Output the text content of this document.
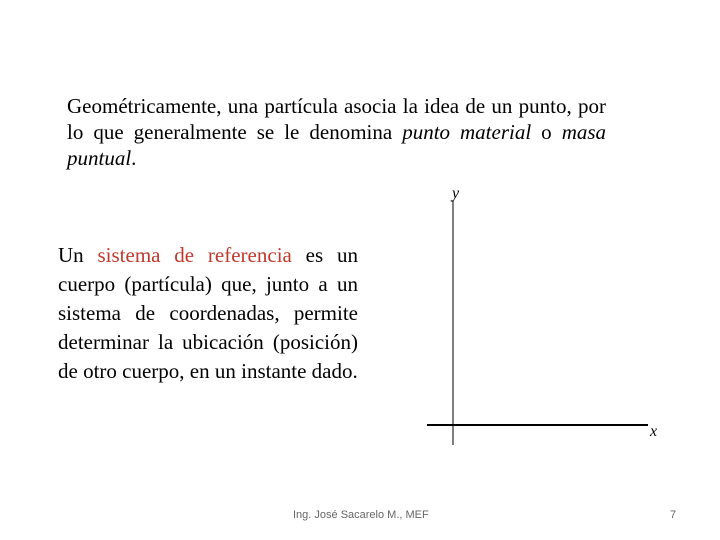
Geométricamente, una partícula asocia la idea de un punto, por lo que generalmente se le denomina punto material o masa puntual.

Un sistema de referencia es un cuerpo (partícula) que, junto a un sistema de coordenadas, permite determinar la ubicación (posición) de otro cuerpo, en un instante dado.

y
x
Ing. José Sacarelo M., MEF	7
